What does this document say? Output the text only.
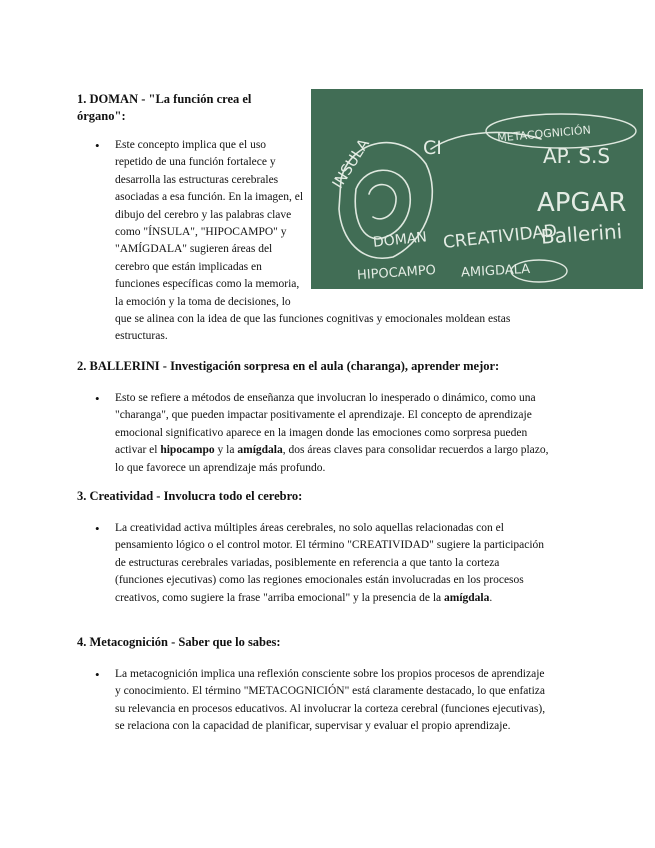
INSULA	CI
METACOGNICIÓN
AP. S.S
APGAR
DOMAN CREATIVIDAD
Ballerini
HIPOCAMPO AMIGDALA
1. DOMAN - "La función crea el órgano":
• Este concepto implica que el uso repetido de una función fortalece y desarrolla las estructuras cerebrales asociadas a esa función. En la imagen, el dibujo del cerebro y las palabras clave como "ÍNSULA", "HIPOCAMPO" y "AMÍGDALA" sugieren áreas del cerebro que están implicadas en funciones específicas como la memoria, la emoción y la toma de decisiones, lo que se alinea con la idea de que las funciones cognitivas y emocionales moldean estas estructuras.
2. BALLERINI - Investigación sorpresa en el aula (charanga), aprender mejor:
• Esto se refiere a métodos de enseñanza que involucran lo inesperado o dinámico, como una "charanga", que pueden impactar positivamente el aprendizaje. El concepto de aprendizaje emocional significativo aparece en la imagen donde las emociones como sorpresa pueden activar el hipocampo y la amígdala, dos áreas claves para consolidar recuerdos a largo plazo, lo que favorece un aprendizaje más profundo.
3. Creatividad - Involucra todo el cerebro:
• La creatividad activa múltiples áreas cerebrales, no solo aquellas relacionadas con el pensamiento lógico o el control motor. El término "CREATIVIDAD" sugiere la participación de estructuras cerebrales variadas, posiblemente en referencia a que tanto la corteza (funciones ejecutivas) como las regiones emocionales están involucradas en los procesos creativos, como sugiere la frase "arriba emocional" y la presencia de la amígdala.
4. Metacognición - Saber que lo sabes:
• La metacognición implica una reflexión consciente sobre los propios procesos de aprendizaje y conocimiento. El término "METACOGNICIÓN" está claramente destacado, lo que enfatiza su relevancia en procesos educativos. Al involucrar la corteza cerebral (funciones ejecutivas), se relaciona con la capacidad de planificar, supervisar y evaluar el propio aprendizaje.
